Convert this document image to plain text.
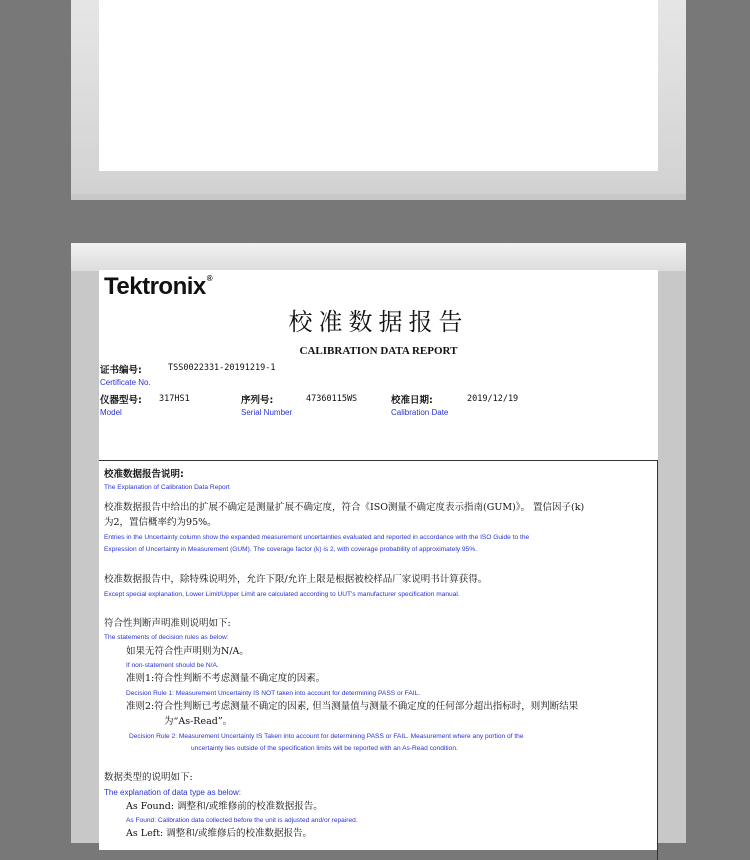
Tektronix®
校准数据报告
CALIBRATION DATA REPORT
证书编号:	TSS0022331-20191219-1
Certificate No.
仪器型号: 317HS1
Model
序列号:	47360115WS
Serial Number
校准日期:	2019/12/19
Calibration Date
校准数据报告说明:
The Explanation of Calibration Data Report
校准数据报告中给出的扩展不确定是测量扩展不确定度，符合《ISO测量不确定度表示指南(GUM)》。 置信因子(k)
为2，置信概率约为95%。
Entries in the Uncertainty column show the expanded measurement uncertainties evaluated and reported in accordance with the ISO Guide to the
Expression of Uncertainty in Measurement (GUM). The coverage factor (k) is 2, with coverage probability of approximately 95%.
校准数据报告中，除特殊说明外，允许下限/允许上限是根据被校样品厂家说明书计算获得。
Except special explanation, Lower Limit/Upper Limit are calculated according to UUT's manufacturer specification manual.
符合性判断声明准则说明如下:
The statements of decision rules as below:
如果无符合性声明则为N/A。
If non-statement should be N/A.
准则1:符合性判断不考虑测量不确定度的因素。
Decision Rule 1: Measurement Uncertainty IS NOT taken into account for determining PASS or FAIL.
准则2:符合性判断已考虑测量不确定的因素, 但当测量值与测量不确定度的任何部分超出指标时，则判断结果
为“As-Read”。
Decision Rule 2: Measurement Uncertainty IS Taken into account for determining PASS or FAIL. Measurement where any portion of the
uncertainty lies outside of the specification limits will be reported with an As-Read condition.
数据类型的说明如下:
The explanation of data type as below:
As Found: 调整和/或维修前的校准数据报告。
As Found: Calibration data collected before the unit is adjusted and/or repaired.
As Left: 调整和/或维修后的校准数据报告。
